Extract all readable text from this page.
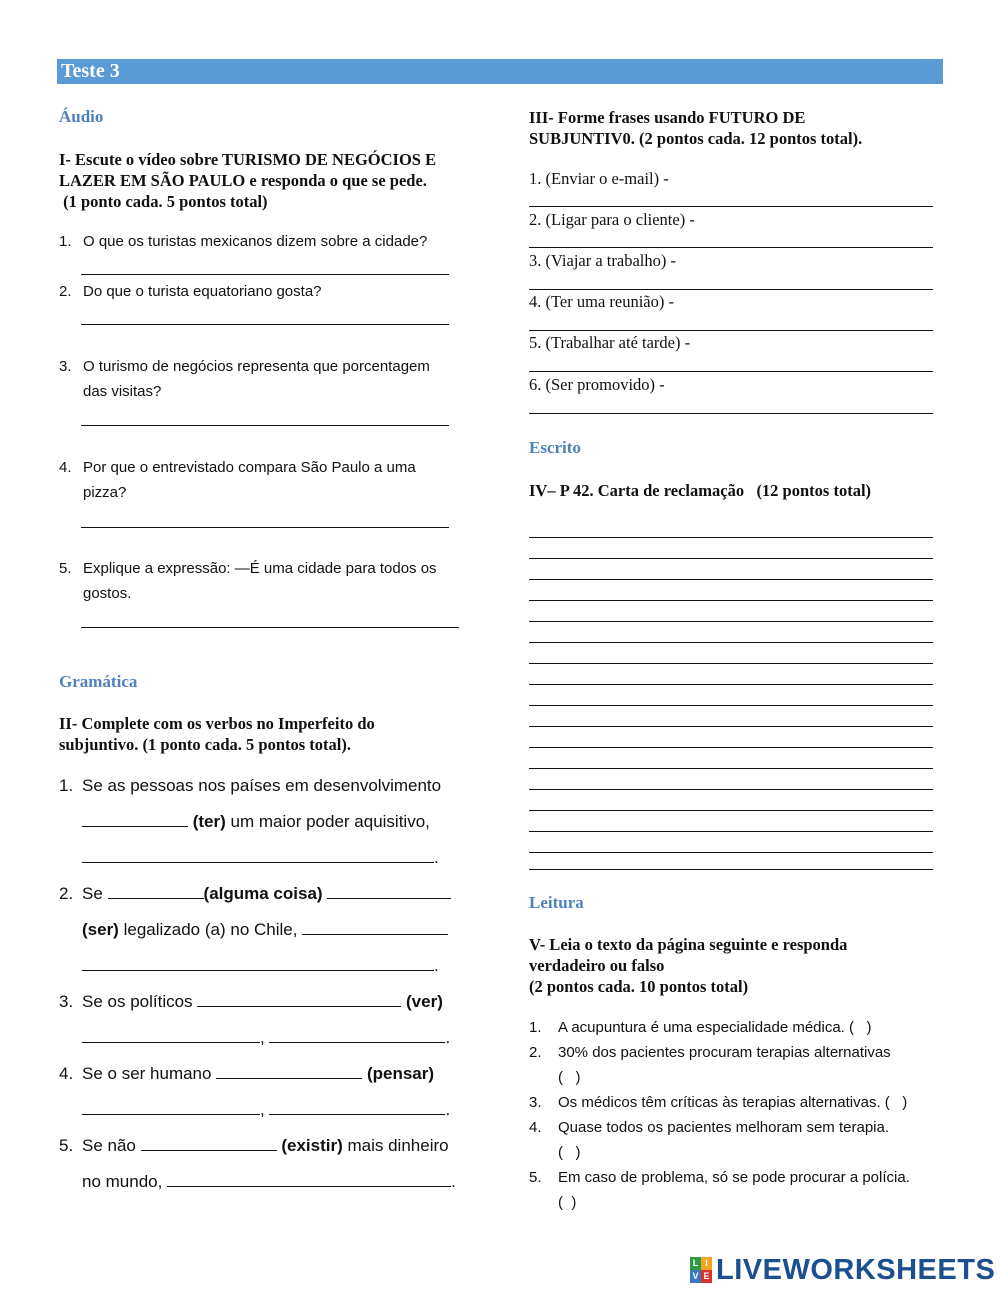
Teste 3
Áudio
I- Escute o vídeo sobre TURISMO DE NEGÓCIOS E
LAZER EM SÃO PAULO e responda o que se pede.
(1 ponto cada. 5 pontos total)
1. O que os turistas mexicanos dizem sobre a cidade?
2. Do que o turista equatoriano gosta?
3. O turismo de negócios representa que porcentagem
das visitas?
4. Por que o entrevistado compara São Paulo a uma
pizza?
5. Explique a expressão: —É uma cidade para todos os
gostos.
Gramática
II- Complete com os verbos no Imperfeito do
subjuntivo. (1 ponto cada. 5 pontos total).
1. Se as pessoas nos países em desenvolvimento
(ter) um maior poder aquisitivo,
.
2. Se	(alguma coisa)
(ser) legalizado (a) no Chile,
.
3. Se os políticos	(ver)
,	.
4. Se o ser humano	(pensar)
,	.
5. Se não	(existir) mais dinheiro
no mundo,	.
III- Forme frases usando FUTURO DE
SUBJUNTIV0. (2 pontos cada. 12 pontos total).
1. (Enviar o e-mail) -
2. (Ligar para o cliente) -
3. (Viajar a trabalho) -
4. (Ter uma reunião) -
5. (Trabalhar até tarde) -
6. (Ser promovido) -
Escrito
IV– P 42. Carta de reclamação   (12 pontos total)
Leitura
V- Leia o texto da página seguinte e responda
verdadeiro ou falso
(2 pontos cada. 10 pontos total)
1. A acupuntura é uma especialidade médica. (   )
2. 30% dos pacientes procuram terapias alternativas
(   )
3. Os médicos têm críticas às terapias alternativas. (   )
4. Quase todos os pacientes melhoram sem terapia.
(   )
5. Em caso de problema, só se pode procurar a polícia.
(  )
L I
V E LIVEWORKSHEETS
